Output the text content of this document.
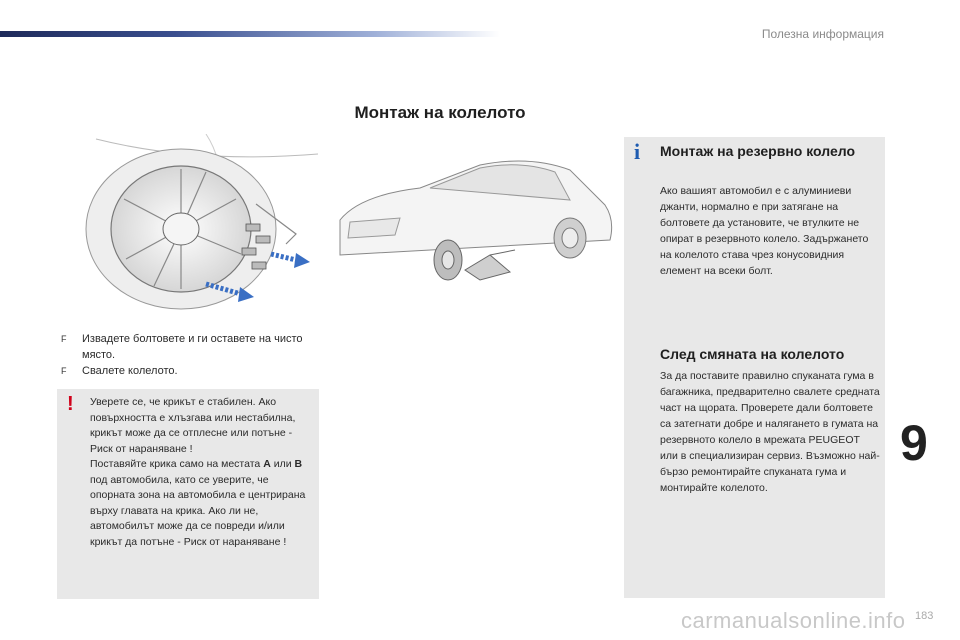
Полезна информация
Монтаж на колелото
F Извадете болтовете и ги оставете на чисто място.
F Свалете колелото.
! Уверете се, че крикът е стабилен. Ако повърхността е хлъзгава или нестабилна, крикът може да се отплесне или потъне - Риск от нараняване !

Поставяйте крика само на местата A или B под автомобила, като се уверите, че опорната зона на автомобила е центрирана върху главата на крика. Ако ли не, автомобилът може да се повреди и/или крикът да потъне - Риск от нараняване !

i Монтаж на резервно колело

Ако вашият автомобил е с алуминиеви джанти, нормално е при затягане на болтовете да установите, че втулките не опират в резервното колело. Задържането на колелото става чрез конусовидния елемент на всеки болт.

След смяната на колелото

За да поставите правилно спуканата гума в багажника, предварително свалете средната част на щората. Проверете дали болтовете са затегнати добре и налягането в гумата на резервното колело в мрежата PEUGEOT или в специализиран сервиз. Възможно най-бързо ремонтирайте спуканата гума и монтирайте колелото.

9
carmanualsonline.info 183
